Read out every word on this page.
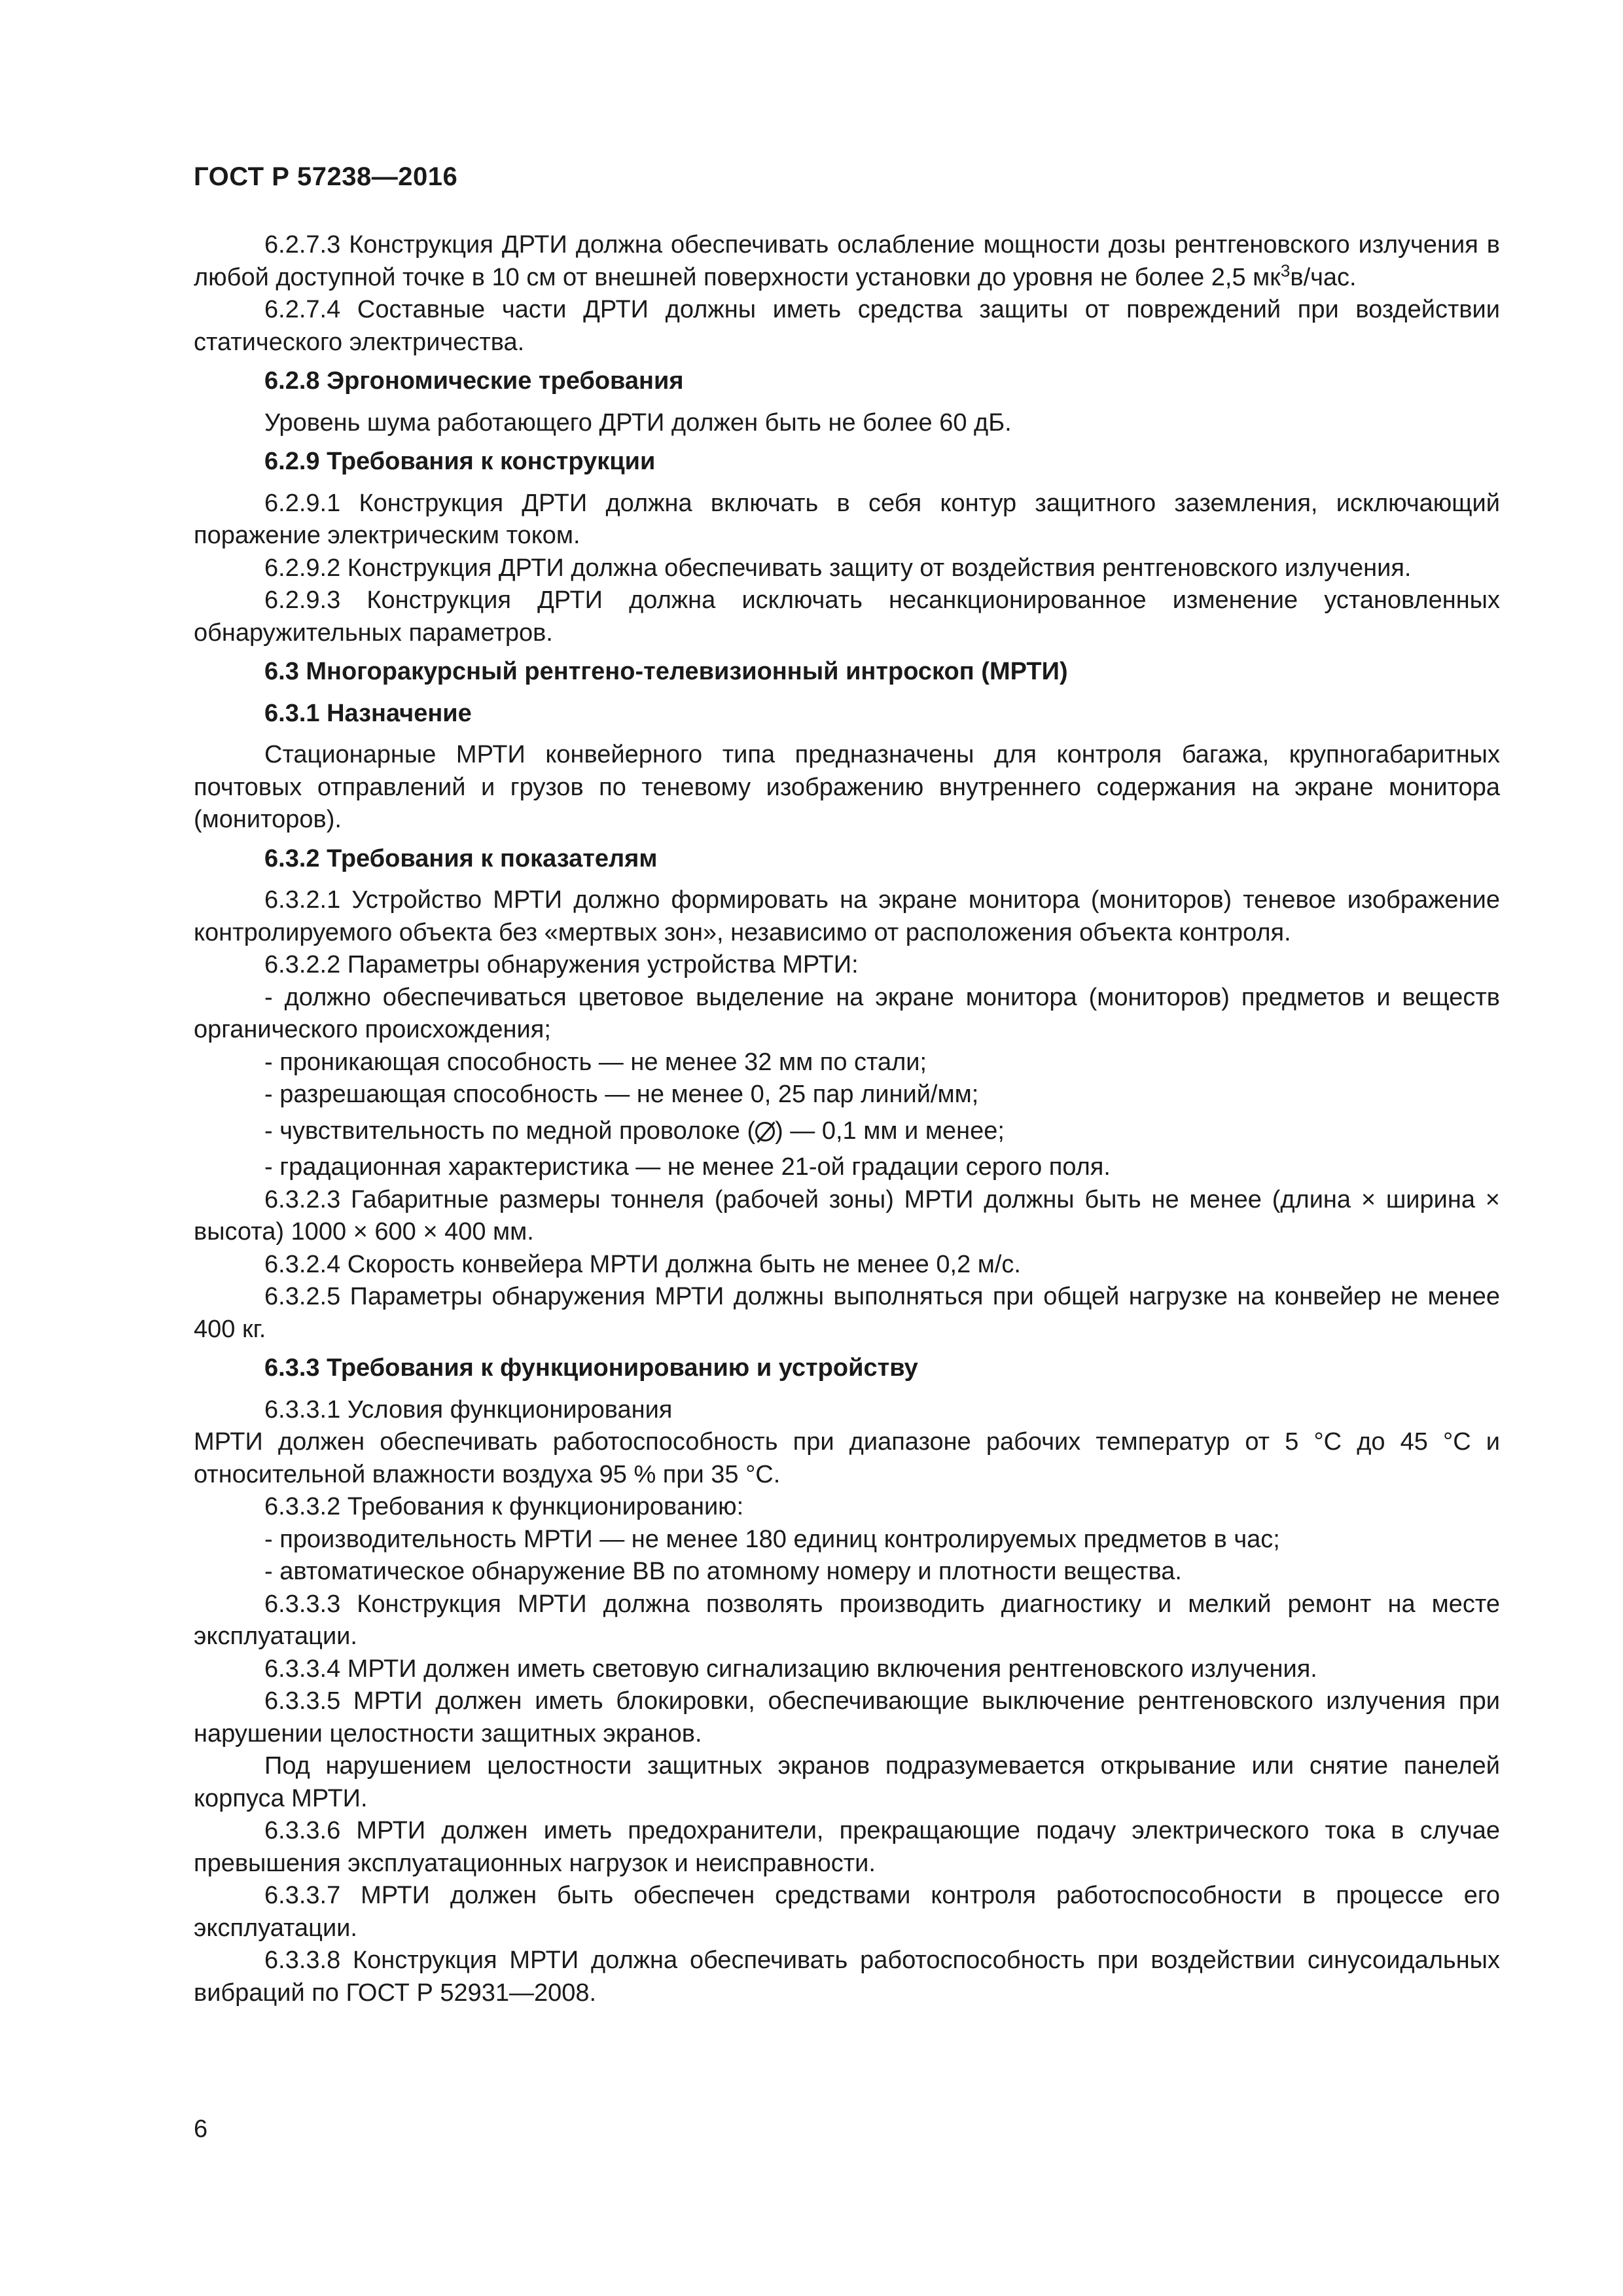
ГОСТ Р 57238—2016

6.2.7.3 Конструкция ДРТИ должна обеспечивать ослабление мощности дозы рентгеновского излучения в любой доступной точке в 10 см от внешней поверхности установки до уровня не более 2,5 $мк^3в$/час.

6.2.7.4 Составные части ДРТИ должны иметь средства защиты от повреждений при воздействии статического электричества.

6.2.8 Эргономические требования

Уровень шума работающего ДРТИ должен быть не более 60 дБ.

6.2.9 Требования к конструкции

6.2.9.1 Конструкция ДРТИ должна включать в себя контур защитного заземления, исключающий поражение электрическим током.

6.2.9.2 Конструкция ДРТИ должна обеспечивать защиту от воздействия рентгеновского излучения.

6.2.9.3 Конструкция ДРТИ должна исключать несанкционированное изменение установленных обнаружительных параметров.

6.3 Многоракурсный рентгено-телевизионный интроскоп (МРТИ)

6.3.1 Назначение

Стационарные МРТИ конвейерного типа предназначены для контроля багажа, крупногабаритных почтовых отправлений и грузов по теневому изображению внутреннего содержания на экране монитора (мониторов).

6.3.2 Требования к показателям

6.3.2.1 Устройство МРТИ должно формировать на экране монитора (мониторов) теневое изображение контролируемого объекта без «мертвых зон», независимо от расположения объекта контроля.

6.3.2.2 Параметры обнаружения устройства МРТИ:

- должно обеспечиваться цветовое выделение на экране монитора (мониторов) предметов и веществ органического происхождения;

- проникающая способность — не менее 32 мм по стали;

- разрешающая способность — не менее 0, 25 пар линий/мм;

- чувствительность по медной проволоке ( ) — 0,1 мм и менее;

- градационная характеристика — не менее 21-ой градации серого поля.

6.3.2.3 Габаритные размеры тоннеля (рабочей зоны) МРТИ должны быть не менее (длина × ширина × высота) 1000 × 600 × 400 мм.

6.3.2.4 Скорость конвейера МРТИ должна быть не менее 0,2 м/с.

6.3.2.5 Параметры обнаружения МРТИ должны выполняться при общей нагрузке на конвейер не менее 400 кг.

6.3.3 Требования к функционированию и устройству

6.3.3.1 Условия функционирования

МРТИ должен обеспечивать работоспособность при диапазоне рабочих температур от 5 °С до 45 °С и относительной влажности воздуха 95 % при 35 °С.

6.3.3.2 Требования к функционированию:

- производительность МРТИ — не менее 180 единиц контролируемых предметов в час;

- автоматическое обнаружение ВВ по атомному номеру и плотности вещества.

6.3.3.3 Конструкция МРТИ должна позволять производить диагностику и мелкий ремонт на месте эксплуатации.

6.3.3.4 МРТИ должен иметь световую сигнализацию включения рентгеновского излучения.

6.3.3.5 МРТИ должен иметь блокировки, обеспечивающие выключение рентгеновского излучения при нарушении целостности защитных экранов.

Под нарушением целостности защитных экранов подразумевается открывание или снятие панелей корпуса МРТИ.

6.3.3.6 МРТИ должен иметь предохранители, прекращающие подачу электрического тока в случае превышения эксплуатационных нагрузок и неисправности.

6.3.3.7 МРТИ должен быть обеспечен средствами контроля работоспособности в процессе его эксплуатации.

6.3.3.8 Конструкция МРТИ должна обеспечивать работоспособность при воздействии синусоидальных вибраций по ГОСТ Р 52931—2008.

6
